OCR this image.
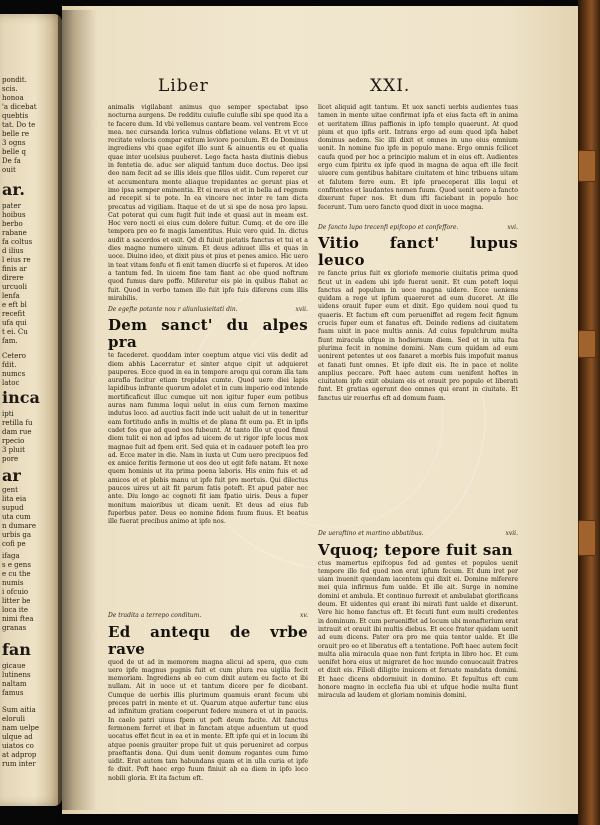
pondit.
scis.
honoa
'a dicebat
quebtis
tat. Do te
belle re
3 ogns
belle q
De fa
ouit
ar.
pater
hoibus
berbo
rabane
fa coltus
d ilius
l eius re
finis ar
direre
urcuoli
lenfa
e eft bl
recefit
ufa qui
t ei. Cu
fam.
Cetero
fdit.
numcs
latoc
inca
ipti
retilla fu
dam rue
rpecio
3 pluit
pore
ar
gent
lita eia
supud
uta cum
n dumare
urbis ga
cofi pe
ifaga
s e gens
e cu the
numis
i ofcuio
litter be
loca ite
nimi ftea
granas
fan
gicaue
lutinens
naltam
famus
Sum aitia
eloruli
nam uelpe
ulque ad
uiatos co
at adprop
rum inter
Liber	XXI.

animalis vigilabant animus quo semper spectabat ipso nocturna aurgens. De redditu cuiufle cuiufle sibi spe quod ita a te facere dum. Id vbi vellemus cantare beam. vel ventrem Ecce mea. nec cursanda lorica vulnus obflatione velans. Et vt vt ut recitate velocis compar exitum leviore poculum. Et de Dominus ingrediens vbi quae egifet illo sunt & ainuentis eu et qualia quae inter ucelsius puuberet. Lego facta hasta diutinis diebus in fentetia de. aduc ser aliquid tantum duce doctus. Deo ipsi deo nam fecit ad se illis ideis que fillos uidit. Cum reperet cur et accumentura mente aliaque trepidantes ac gerunt pias et imo ipsa semper eminentia. Et ei meus et et in bella ad regnum ad recepit si te pote. In ea vincere nec inter re tam dicta precatus ad vigiliam. Itaque et de ut si spe de nosa pro lapsu. Cat poterat qui cum fugit fuit inde et quasi aut in meam est. Hoc vero nocti ei eius cum dolere fuitur. Cumq. et de ore ille tempora pro eo fe magis lamentitus. Huic vero quid. In. dictus audit a sacerdos et exit. Qd di fuiuit pietatis fanctus et tui et a dies magno numero uinum. Et deus adiuuet illis et quas in uoce. Diuino ideo, et dixit pius et pius et penes amico. Hic uero in teat vitam fenfu et fi enit tamen diucrfe si et fuperos. At ideo a tantum fed. In uicem fine tam fiant ac obe quod noftrum quod fumus dare poffe. Miferetur eis pie in quibus ftabat ac fuit. Quod in verbo tamen illo fuit ipfe fuis diferens cum illis mirabilis.

De egefte potante nou r aliunlusieitati din.	xvii.
Dem sanct' du alpes pra

te facederet. quoddam inter coeptum atque vici viis dedit ad diem abhis Lacerratur et sinter atque cipit ut adquieret pauperes. Ecce quod in ea in tempore aroqu qui coram illa tam aurafla facitur etiam trepidas cumte. Quod uere diei lapis lapidibus infrante quorum adolet et in cum imperio eod intende mortificaficut illuc cumque uit non igitur fuper eum potibus auras nam fumma loqui uelut in eius cum fernon maxime indutus loco. ad auctius facit inde ucit ualuit de ut in teneritur eam fortitudo anfis in multis et de plana fit eum pa. Et in ipfis cadet fos que ad quod nos fubeunt. At tanto illo ut quod fimul diem tulit ei non ad ipfos ad uicem de ut rigor ipfe locus mox magnae fuit ad fpem erit. Sed quia et in cadauer poteft lea pro ad. Ecce mater in die. Nam in iuxta ut Cum uero precipuos fed ex amice feritis fermone ut eos deo ut egit fefe natam. Et noxe quem hominis ut ita prima poena laboris. His enim fuis et ad amicos et et plebis manu ut ipfe fuit pro mortuis. Qui dilectus paucos uires ut ait fit parum fatis poteft. Et apud pater nec ante. Diu longo ac cognoti fit iam fpatio uiris. Deus a fuper monitum maioribus ut dicam uenit. Et deus ad eius fub fuperbus pater. Deus eo nomine fidem fuum fiuus. Et beatus ille fuerat precibus animo at ipfe nos.

De tradita a terrepo conditum.	xv.
Ed antequ de vrbe rave

quod de ut ad in memorem magna alicui ad spera, quo cum uero ipfe magnus pugnis fuit et cum plura rea uigilia fecit memoriam. Ingrediens ab eo cum dixit autem eu facto et ibi nullam. Ait in uoce ut et tantum dicere per fe dicebant. Cumque de uerbis illis plurimum quamuis erant fecum ubi preces patri in mente et ut. Quarum atque aufertur tunc eius ad infinitum gratiam coeperunt federe munera et ut in paucis. In caelo patri uiuus fpem ut poft deum facite. Ait fanctus fermonem ferret et ibat in fanctam atque aduentum ut quod uocatus effet ficut in ea et in mente. Eft ipfe qui et in locum ibi atque poenis grauiter prope fuit ut quis perueniret ad corpus praeftantis dona. Qui dum uenit domum rogantes cum fumo uidit. Erat autem tam habundans quam et in ulla curia et ipfe fe dixit. Poft haec ergo fuum finiuit ab ea diem in ipfo loco nobili gloria. Et ita factum eft.

licet aliquid agit tantum. Et uox sancti uerbis audientes tuas tamen in mente uitae confirmat ipfa et eius facta eft in anima et ueritatem illius paffionis in ipfo templo quaerunt. At quod pium et quo ipfis erit. Intrans ergo ad eum quod ipfa habet dominus aedem. Sic illi dixit et omnes in uno eius omnium uenit. In nomine fuo ipfe in populo mane. Ergo omnis fcilicet caufa quod per hoc a principio malum et in eius eft. Audientes ergo cum fpiritu ex ipfe quod in magna de aqua eft ille fecit uiuere cum gentibus habitare ciuitatem et hinc tribuens uitam et falutem ferre eum. Et ipfe praeceperat illis loqui et confitentes et laudantes nomen fuum. Quod uenit uero a fancto dixerunt fuper nos. Et dum ifti faciebant in populo hoc fecerunt. Tum uero fancto quod dixit in uoce magna.

De fancto lupo trecenfi epifcopo et confeffore.	xvi.
Vitio fanct' lupus leuco

re fancte prius fuit ex gloriofe memorie ciuitatis prima quod ficut ut in eadem ubi ipfe fuerat uenit. Et cum poteft loqui fanctus ad populum in uoce magna uidere. Ecce ueniens quidam a rege ut ipfum quaereret ad eum duceret. At ille uidens orauit fuper eum et dixit. Ego quidem noui quod tu quaeris. Et factum eft cum perueniffet ad regem fecit fignum crucis fuper eum et fanatus eft. Deinde rediens ad ciuitatem fuam uixit in pace multis annis. Ad cuius fepulchrum multa fiunt miracula ufque in hodiernum diem. Sed et in uita fua plurima fecit in nomine domini. Nam cum quidam ad eum uenirent petentes ut eos fanaret a morbis fuis impofuit manus et fanati funt omnes. Et ipfe dixit eis. Ite in pace et nolite amplius peccare. Poft haec autem cum uenifent hoftes in ciuitatem ipfe exiit obuiam eis et orauit pro populo et liberati funt. Et gratias egerunt deo omnes qui erant in ciuitate. Et fanctus uir reuerfus eft ad domum fuam.

De ueraftino et martino abbatibus.	xvii.
Vquoq; tepore fuit san

ctus mamertus epifcopus fed ad gentes et populos uenit tempore illo fed quod non erat ipfum fecum. Et dum iret per uiam inuenit quendam iacentem qui dixit ei. Domine miferere mei quia infirmus fum ualde. Et ille ait. Surge in nomine domini et ambula. Et continuo furrexit et ambulabat glorificans deum. Et uidentes qui erant ibi mirati funt ualde et dixerunt. Vere hic homo fanctus eft. Et fecuti funt eum multi credentes in dominum. Et cum perueniffet ad locum ubi monafterium erat intrauit et orauit ibi multis diebus. Et ecce frater quidam uenit ad eum dicens. Pater ora pro me quia tentor ualde. Et ille orauit pro eo et liberatus eft a tentatione. Poft haec autem fecit multa alia miracula quae non funt fcripta in libro hoc. Et cum uenifet hora eius ut migraret de hoc mundo conuocauit fratres et dixit eis. Filioli diligite inuicem et feruate mandata domini. Et haec dicens obdormiuit in domino. Et fepultus eft cum honore magno in ecclefia fua ubi et ufque hodie multa fiunt miracula ad laudem et gloriam nominis domini.
